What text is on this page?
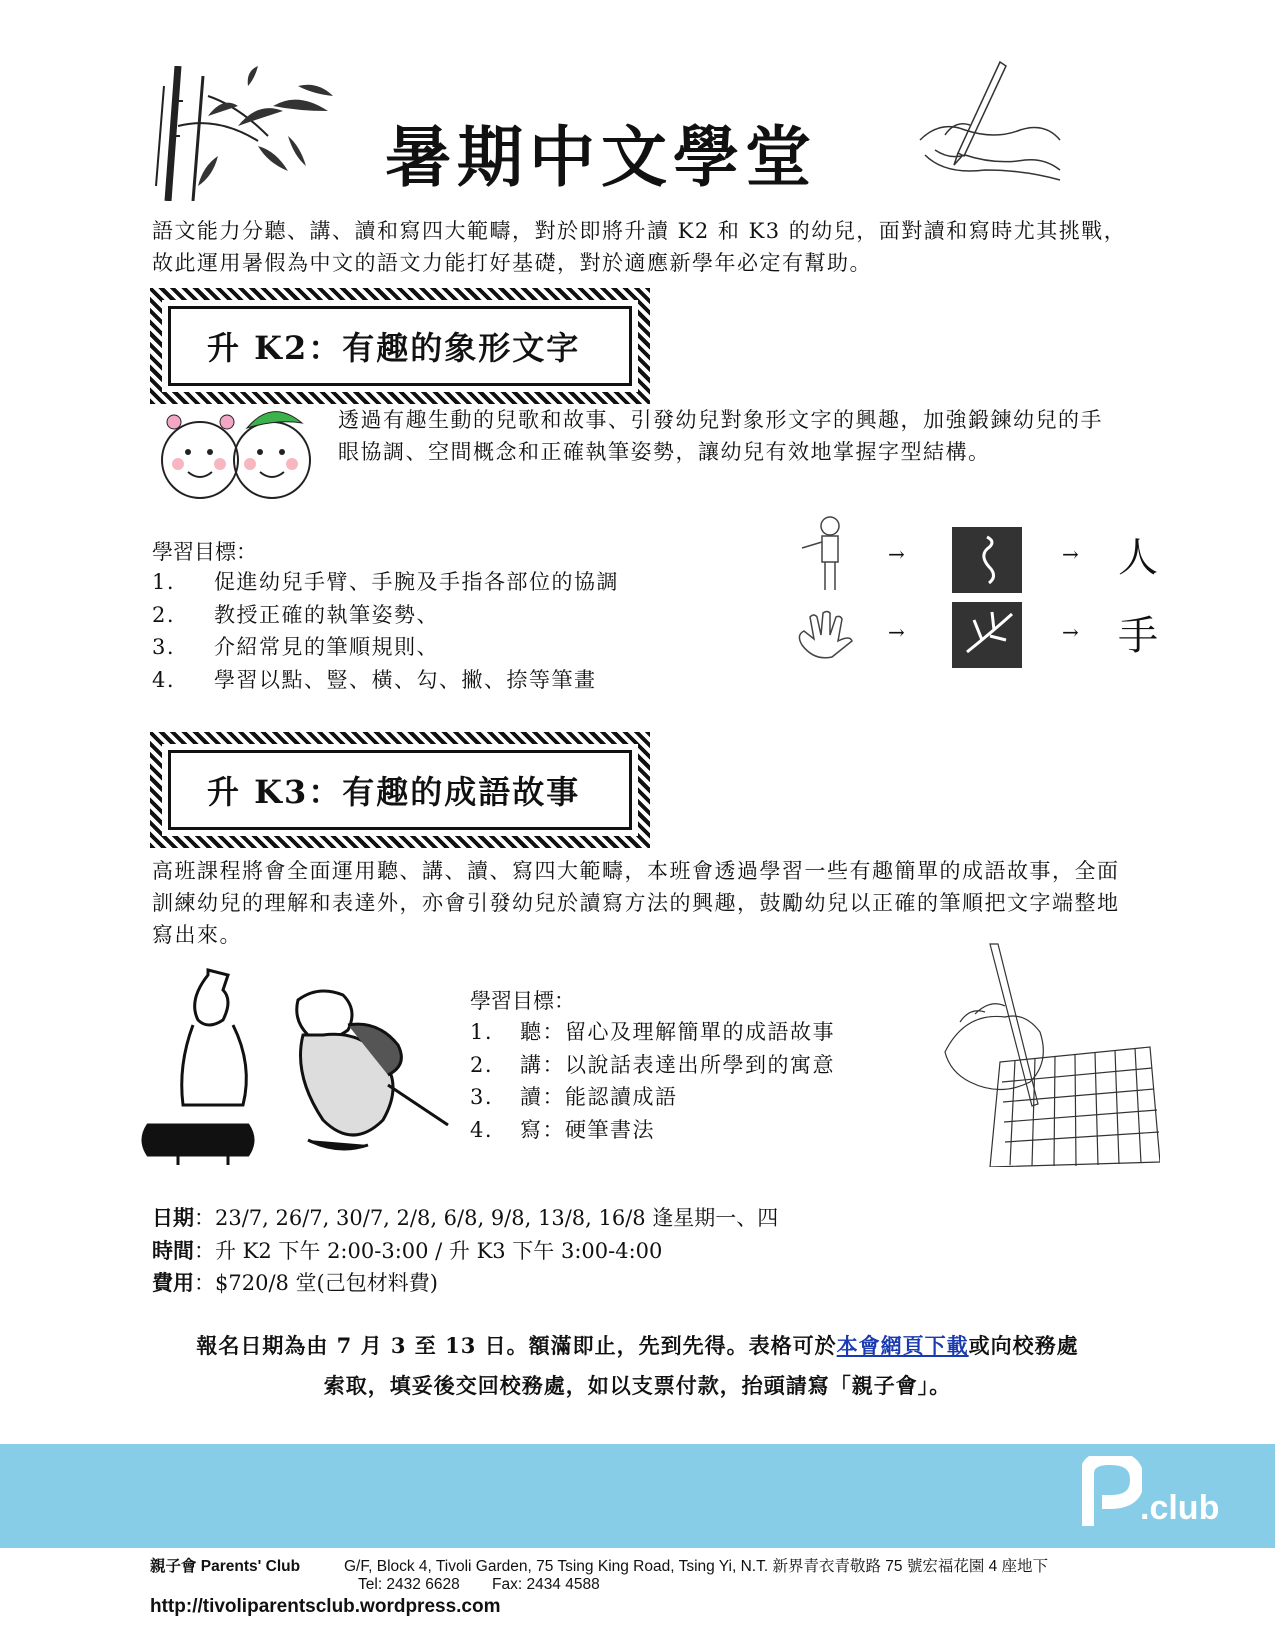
暑期中文學堂
語文能力分聽、講、讀和寫四大範疇，對於即將升讀 K2 和 K3 的幼兒，面對讀和寫時尤其挑戰，故此運用暑假為中文的語文力能打好基礎，對於適應新學年必定有幫助。
升 K2：有趣的象形文字
透過有趣生動的兒歌和故事、引發幼兒對象形文字的興趣，加強鍛鍊幼兒的手眼協調、空間概念和正確執筆姿勢，讓幼兒有效地掌握字型結構。
學習目標：
1.	促進幼兒手臂、手腕及手指各部位的協調
2.	教授正確的執筆姿勢、
3.	介紹常見的筆順規則、
4.	學習以點、豎、橫、勾、撇、捺等筆畫
→	→ 人
→	→ 手
升 K3：有趣的成語故事
高班課程將會全面運用聽、講、讀、寫四大範疇，本班會透過學習一些有趣簡單的成語故事，全面訓練幼兒的理解和表達外，亦會引發幼兒於讀寫方法的興趣，鼓勵幼兒以正確的筆順把文字端整地寫出來。
學習目標：
1.	聽：留心及理解簡單的成語故事
2.	講：以說話表達出所學到的寓意
3.	讀：能認讀成語
4.	寫：硬筆書法
日期：23/7, 26/7, 30/7, 2/8, 6/8, 9/8, 13/8, 16/8 逢星期一、四
時間：升 K2 下午 2:00-3:00 / 升 K3 下午 3:00-4:00
費用：$720/8 堂(己包材料費)
報名日期為由 7 月 3 至 13 日。額滿即止，先到先得。表格可於本會網頁下載或向校務處
索取，填妥後交回校務處，如以支票付款，抬頭請寫「親子會」。
.club
親子會 Parents' Club	G/F, Block 4, Tivoli Garden, 75 Tsing King Road, Tsing Yi, N.T. 新界青衣青敬路 75 號宏福花園 4 座地下
Tel: 2432 6628 Fax: 2434 4588
http://tivoliparentsclub.wordpress.com
